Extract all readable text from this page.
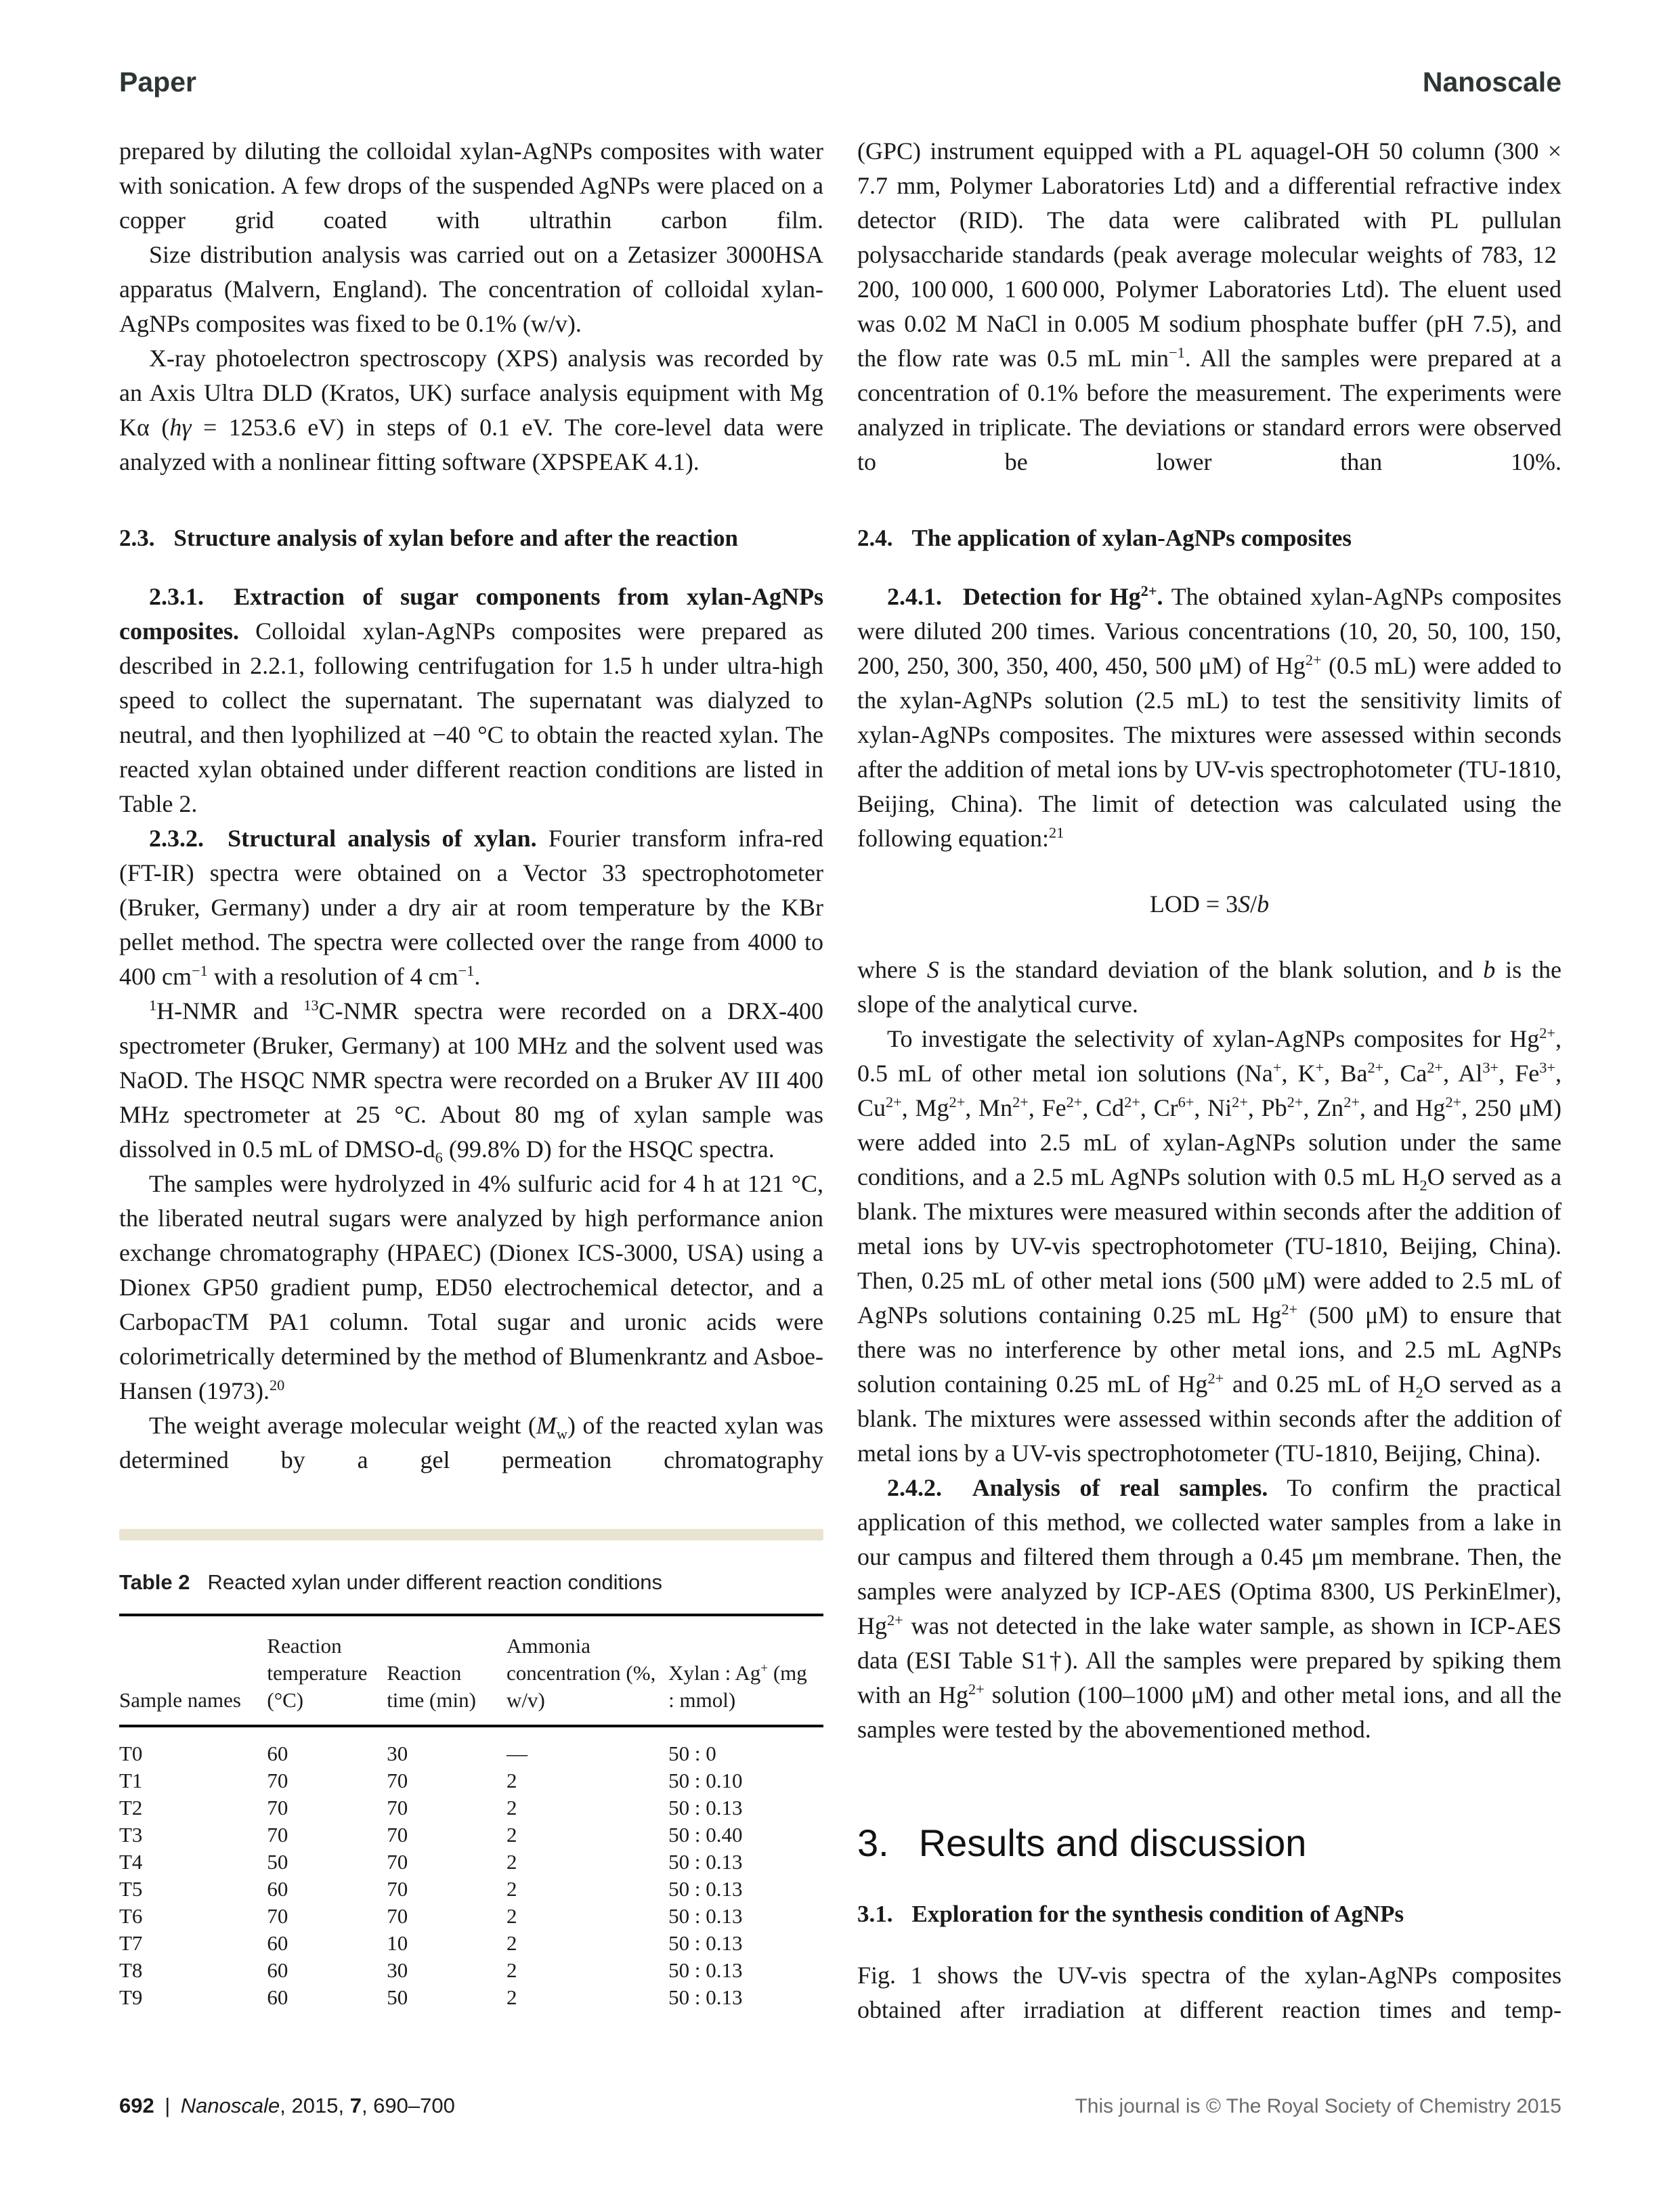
Paper	Nanoscale

prepared by diluting the colloidal xylan-AgNPs composites with water with sonication. A few drops of the suspended AgNPs were placed on a copper grid coated with ultrathin carbon film.

Size distribution analysis was carried out on a Zetasizer 3000HSA apparatus (Malvern, England). The concentration of colloidal xylan-AgNPs composites was fixed to be 0.1% (w/v).

X-ray photoelectron spectroscopy (XPS) analysis was recorded by an Axis Ultra DLD (Kratos, UK) surface analysis equipment with Mg Kα (hγ = 1253.6 eV) in steps of 0.1 eV. The core-level data were analyzed with a nonlinear fitting software (XPSPEAK 4.1).

2.3. Structure analysis of xylan before and after the reaction

2.3.1.  Extraction of sugar components from xylan-AgNPs composites. Colloidal xylan-AgNPs composites were prepared as described in 2.2.1, following centrifugation for 1.5 h under ultra-high speed to collect the supernatant. The supernatant was dialyzed to neutral, and then lyophilized at −40 °C to obtain the reacted xylan. The reacted xylan obtained under different reaction conditions are listed in Table 2.

2.3.2.  Structural analysis of xylan. Fourier transform infra-red (FT-IR) spectra were obtained on a Vector 33 spectrophotometer (Bruker, Germany) under a dry air at room temperature by the KBr pellet method. The spectra were collected over the range from 4000 to 400 $cm^{-1}$ with a resolution of 4 $cm^{-1}$.

$^1$H-NMR and $^{13}$C-NMR spectra were recorded on a DRX-400 spectrometer (Bruker, Germany) at 100 MHz and the solvent used was NaOD. The HSQC NMR spectra were recorded on a Bruker AV III 400 MHz spectrometer at 25 °C. About 80 mg of xylan sample was dissolved in 0.5 mL of DMSO-$d_6$ (99.8% D) for the HSQC spectra.

The samples were hydrolyzed in 4% sulfuric acid for 4 h at 121 °C, the liberated neutral sugars were analyzed by high performance anion exchange chromatography (HPAEC) (Dionex ICS-3000, USA) using a Dionex GP50 gradient pump, ED50 electrochemical detector, and a CarbopacTM PA1 column. Total sugar and uronic acids were colorimetrically determined by the method of Blumenkrantz and Asboe-Hansen (1973).$^{20}$

The weight average molecular weight $(M_w)$ of the reacted xylan was determined by a gel permeation chromatography

Table 2 Reacted xylan under different reaction conditions
Sample names	Reaction temperature (°C)	Reaction time (min)	Ammonia concentration (%, w/v)	Xylan : Ag+ (mg : mmol)
T0	60	30	—	50 : 0
T1	70	70	2	50 : 0.10
T2	70	70	2	50 : 0.13
T3	70	70	2	50 : 0.40
T4	50	70	2	50 : 0.13
T5	60	70	2	50 : 0.13
T6	70	70	2	50 : 0.13
T7	60	10	2	50 : 0.13
T8	60	30	2	50 : 0.13
T9	60	50	2	50 : 0.13

(GPC) instrument equipped with a PL aquagel-OH 50 column (300 × 7.7 mm, Polymer Laboratories Ltd) and a differential refractive index detector (RID). The data were calibrated with PL pullulan polysaccharide standards (peak average molecular weights of 783, 12 200, 100 000, 1 600 000, Polymer Laboratories Ltd). The eluent used was 0.02 M NaCl in 0.005 M sodium phosphate buffer (pH 7.5), and the flow rate was 0.5 mL $\min^{-1}$. All the samples were prepared at a concentration of 0.1% before the measurement. The experiments were analyzed in triplicate. The deviations or standard errors were observed to be lower than 10%.

2.4. The application of xylan-AgNPs composites

2.4.1.  Detection for $Hg^{2+}$. The obtained xylan-AgNPs composites were diluted 200 times. Various concentrations (10, 20, 50, 100, 150, 200, 250, 300, 350, 400, 450, 500 μM) of $Hg^{2+}$ (0.5 mL) were added to the xylan-AgNPs solution (2.5 mL) to test the sensitivity limits of xylan-AgNPs composites. The mixtures were assessed within seconds after the addition of metal ions by UV-vis spectrophotometer (TU-1810, Beijing, China). The limit of detection was calculated using the following equation:$^{21}$

LOD = 3S/b

where S is the standard deviation of the blank solution, and b is the slope of the analytical curve.

To investigate the selectivity of xylan-AgNPs composites for $Hg^{2+}$, 0.5 mL of other metal ion solutions (Na+, K+, $Ba^{2+}$, $Ca^{2+}$, $Al^{3+}$, $Fe^{3+}$, $Cu^{2+}$, $Mg^{2+}$, $Mn^{2+}$, $Fe^{2+}$, $Cd^{2+}$, $Cr^{6+}$, $Ni^{2+}$, $Pb^{2+}$, $Zn^{2+}$, and $Hg^{2+}$, 250 μM) were added into 2.5 mL of xylan-AgNPs solution under the same conditions, and a 2.5 mL AgNPs solution with 0.5 mL $H_2O$ served as a blank. The mixtures were measured within seconds after the addition of metal ions by UV-vis spectrophotometer (TU-1810, Beijing, China). Then, 0.25 mL of other metal ions (500 μM) were added to 2.5 mL of AgNPs solutions containing 0.25 mL $Hg^{2+}$ (500 μM) to ensure that there was no interference by other metal ions, and 2.5 mL AgNPs solution containing 0.25 mL of $Hg^{2+}$ and 0.25 mL of $H_2O$ served as a blank. The mixtures were assessed within seconds after the addition of metal ions by a UV-vis spectrophotometer (TU-1810, Beijing, China).

2.4.2.  Analysis of real samples. To confirm the practical application of this method, we collected water samples from a lake in our campus and filtered them through a 0.45 μm membrane. Then, the samples were analyzed by ICP-AES (Optima 8300, US PerkinElmer), $Hg^{2+}$ was not detected in the lake water sample, as shown in ICP-AES data (ESI Table S1†). All the samples were prepared by spiking them with an $Hg^{2+}$ solution (100–1000 μM) and other metal ions, and all the samples were tested by the abovementioned method.

3. Results and discussion
3.1. Exploration for the synthesis condition of AgNPs

Fig. 1 shows the UV-vis spectra of the xylan-AgNPs composites obtained after irradiation at different reaction times and temp-

692 | Nanoscale, 2015, 7, 690–700	This journal is © The Royal Society of Chemistry 2015
